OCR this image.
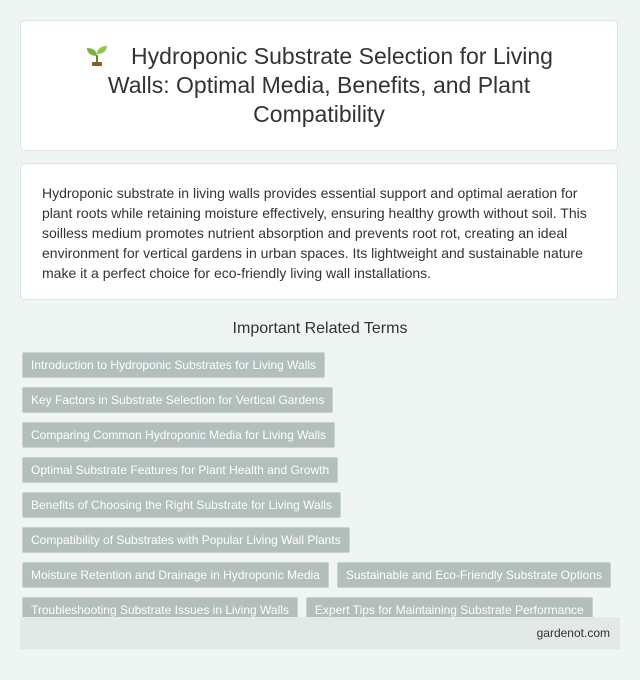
Hydroponic Substrate Selection for Living Walls: Optimal Media, Benefits, and Plant Compatibility

Hydroponic substrate in living walls provides essential support and optimal aeration for plant roots while retaining moisture effectively, ensuring healthy growth without soil. This soilless medium promotes nutrient absorption and prevents root rot, creating an ideal environment for vertical gardens in urban spaces. Its lightweight and sustainable nature make it a perfect choice for eco-friendly living wall installations.

Important Related Terms
Introduction to Hydroponic Substrates for Living Walls
Key Factors in Substrate Selection for Vertical Gardens
Comparing Common Hydroponic Media for Living Walls
Optimal Substrate Features for Plant Health and Growth
Benefits of Choosing the Right Substrate for Living Walls
Compatibility of Substrates with Popular Living Wall Plants
Moisture Retention and Drainage in Hydroponic Media	Sustainable and Eco-Friendly Substrate Options
Troubleshooting Substrate Issues in Living Walls	Expert Tips for Maintaining Substrate Performance
gardenot.com
